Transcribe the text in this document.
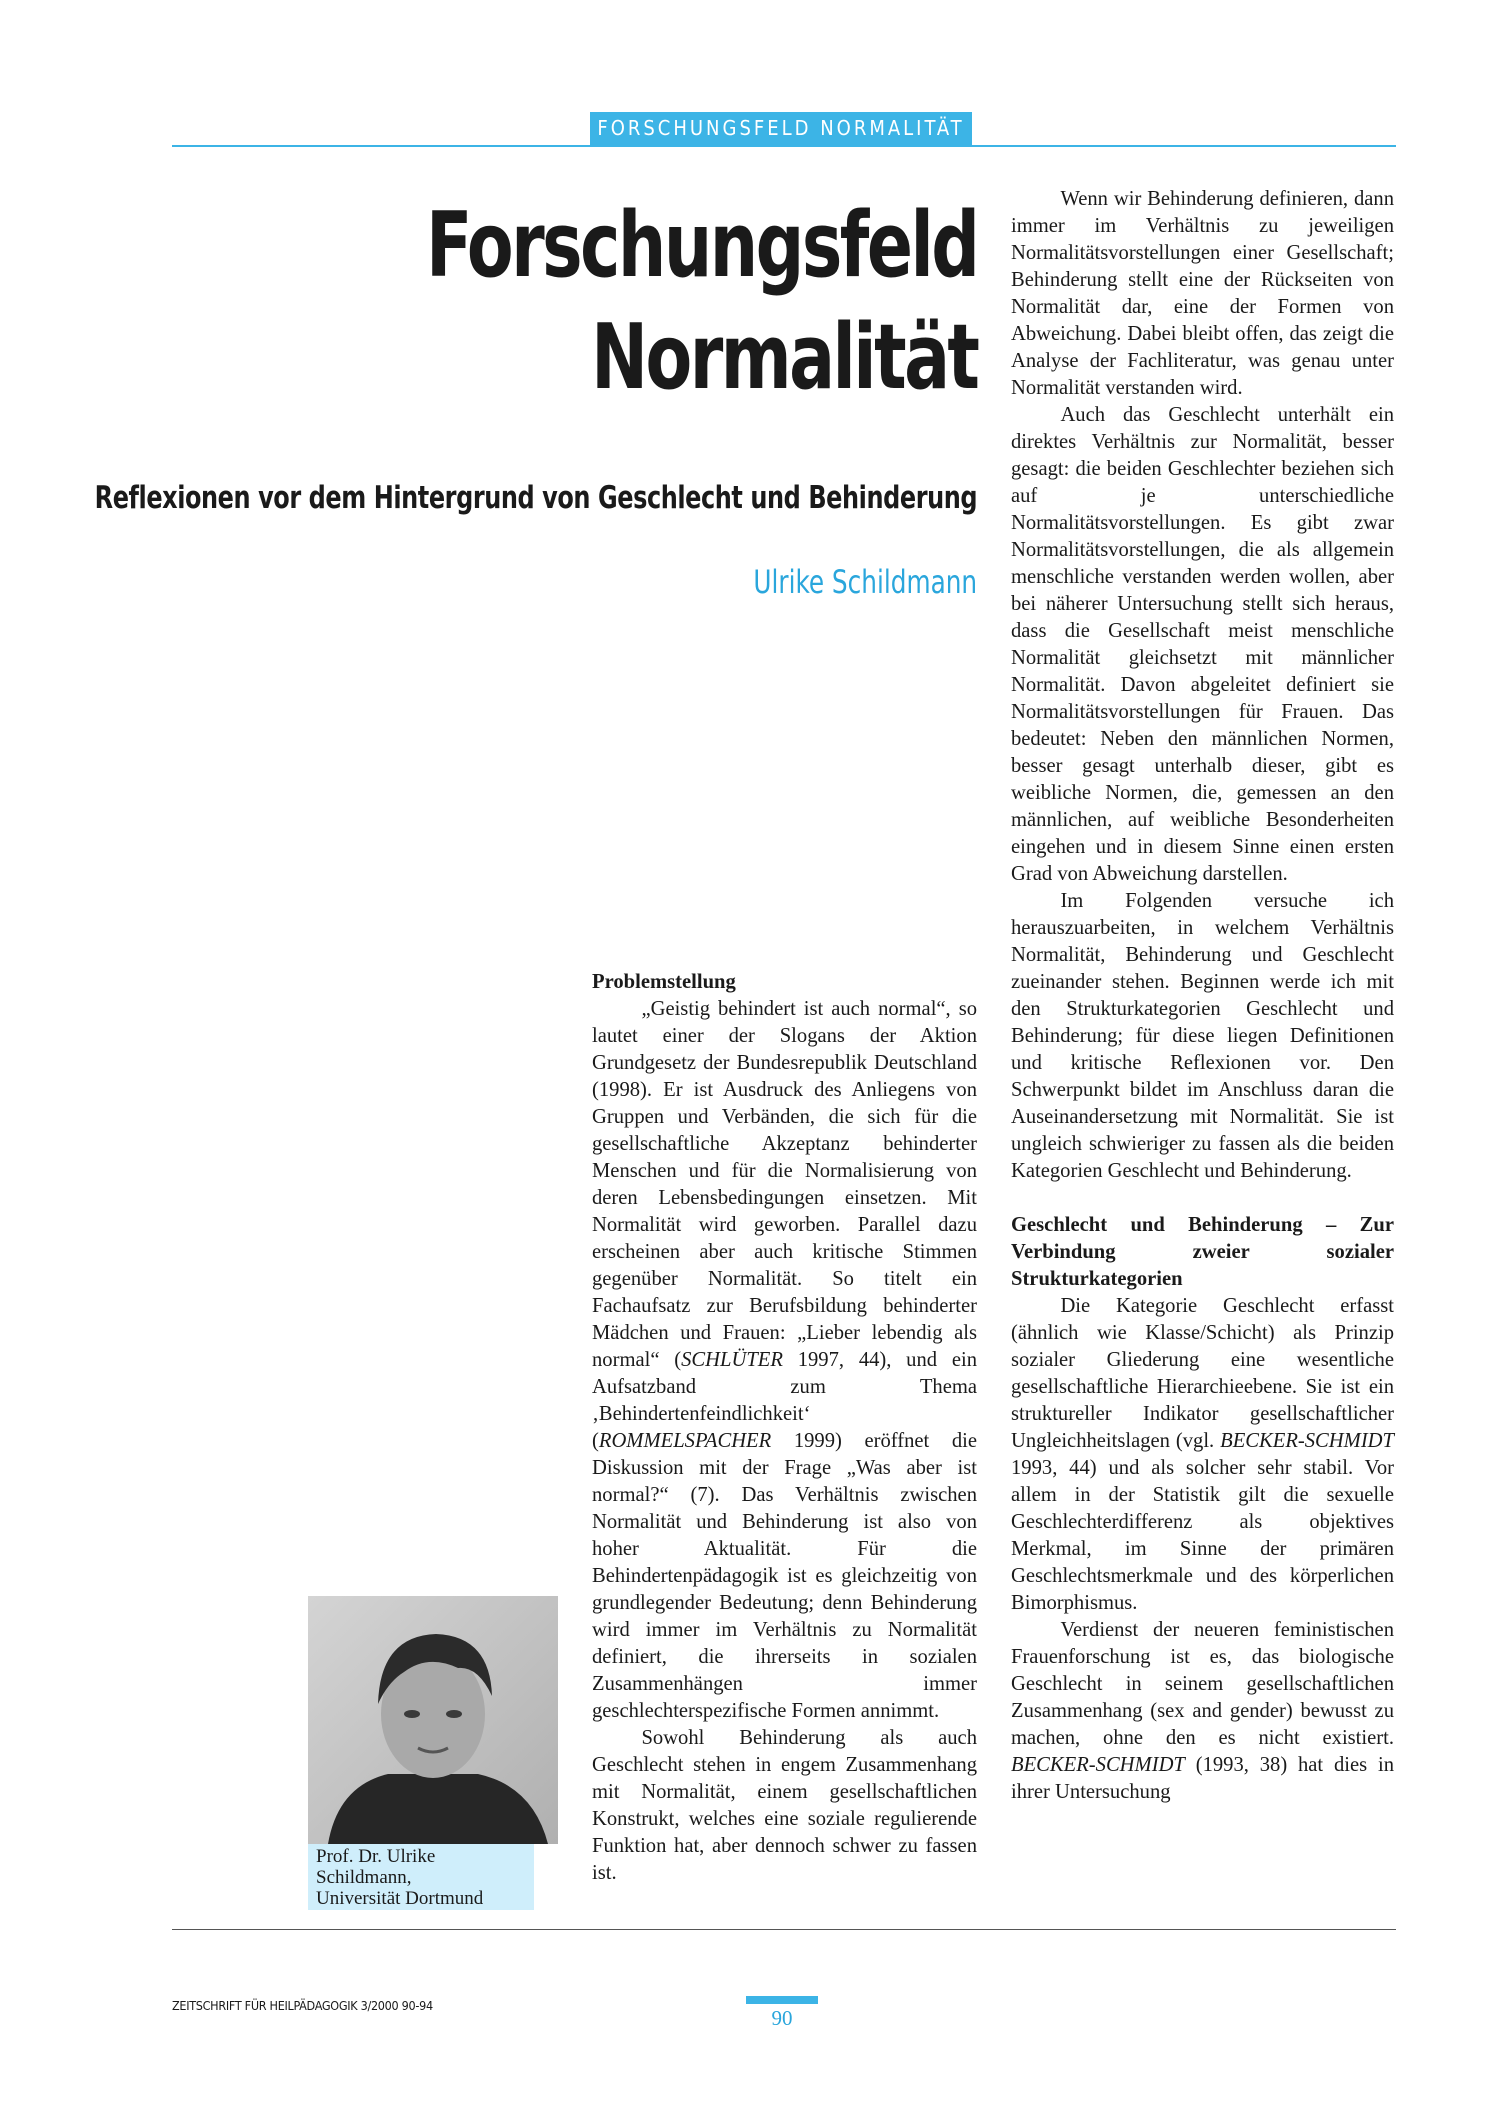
FORSCHUNGSFELD NORMALITÄT
Forschungsfeld
Normalität
Reflexionen vor dem Hintergrund von Geschlecht und Behinderung
Ulrike Schildmann
Prof. Dr. Ulrike
Schildmann,
Universität Dortmund
Problemstellung

„Geistig behindert ist auch normal“, so lautet einer der Slogans der Aktion Grundgesetz der Bundesrepublik Deutschland (1998). Er ist Ausdruck des Anliegens von Gruppen und Verbänden, die sich für die gesellschaftliche Akzeptanz behinderter Menschen und für die Normalisierung von deren Lebensbedingungen einsetzen. Mit Normalität wird geworben. Parallel dazu erscheinen aber auch kritische Stimmen gegenüber Normalität. So titelt ein Fachaufsatz zur Berufsbildung behinderter Mädchen und Frauen: „Lieber lebendig als normal“ (SCHLÜTER 1997, 44), und ein Aufsatzband zum Thema ‚Behindertenfeindlichkeit‘ (ROMMELSPACHER 1999) eröffnet die Diskussion mit der Frage „Was aber ist normal?“ (7). Das Verhältnis zwischen Normalität und Behinderung ist also von hoher Aktualität. Für die Behindertenpädagogik ist es gleichzeitig von grundlegender Bedeutung; denn Behinderung wird immer im Verhältnis zu Normalität definiert, die ihrerseits in sozialen Zusammenhängen immer geschlechterspezifische Formen annimmt.

Sowohl Behinderung als auch Geschlecht stehen in engem Zusammenhang mit Normalität, einem gesellschaftlichen Konstrukt, welches eine soziale regulierende Funktion hat, aber dennoch schwer zu fassen ist.

Wenn wir Behinderung definieren, dann immer im Verhältnis zu jeweiligen Normalitätsvorstellungen einer Gesellschaft; Behinderung stellt eine der Rückseiten von Normalität dar, eine der Formen von Abweichung. Dabei bleibt offen, das zeigt die Analyse der Fachliteratur, was genau unter Normalität verstanden wird.

Auch das Geschlecht unterhält ein direktes Verhältnis zur Normalität, besser gesagt: die beiden Geschlechter beziehen sich auf je unterschiedliche Normalitätsvorstellungen. Es gibt zwar Normalitätsvorstellungen, die als allgemein menschliche verstanden werden wollen, aber bei näherer Untersuchung stellt sich heraus, dass die Gesellschaft meist menschliche Normalität gleichsetzt mit männlicher Normalität. Davon abgeleitet definiert sie Normalitätsvorstellungen für Frauen. Das bedeutet: Neben den männlichen Normen, besser gesagt unterhalb dieser, gibt es weibliche Normen, die, gemessen an den männlichen, auf weibliche Besonderheiten eingehen und in diesem Sinne einen ersten Grad von Abweichung darstellen.

Im Folgenden versuche ich herauszuarbeiten, in welchem Verhältnis Normalität, Behinderung und Geschlecht zueinander stehen. Beginnen werde ich mit den Strukturkategorien Geschlecht und Behinderung; für diese liegen Definitionen und kritische Reflexionen vor. Den Schwerpunkt bildet im Anschluss daran die Auseinandersetzung mit Normalität. Sie ist ungleich schwieriger zu fassen als die beiden Kategorien Geschlecht und Behinderung.

Geschlecht und Behinderung – Zur Verbindung zweier sozialer Strukturkategorien

Die Kategorie Geschlecht erfasst (ähnlich wie Klasse/Schicht) als Prinzip sozialer Gliederung eine wesentliche gesellschaftliche Hierarchieebene. Sie ist ein struktureller Indikator gesellschaftlicher Ungleichheitslagen (vgl. BECKER-SCHMIDT 1993, 44) und als solcher sehr stabil. Vor allem in der Statistik gilt die sexuelle Geschlechterdifferenz als objektives Merkmal, im Sinne der primären Geschlechtsmerkmale und des körperlichen Bimorphismus.

Verdienst der neueren feministischen Frauenforschung ist es, das biologische Geschlecht in seinem gesellschaftlichen Zusammenhang (sex and gender) bewusst zu machen, ohne den es nicht existiert. BECKER-SCHMIDT (1993, 38) hat dies in ihrer Untersuchung

ZEITSCHRIFT FÜR HEILPÄDAGOGIK 3/2000 90-94
90
